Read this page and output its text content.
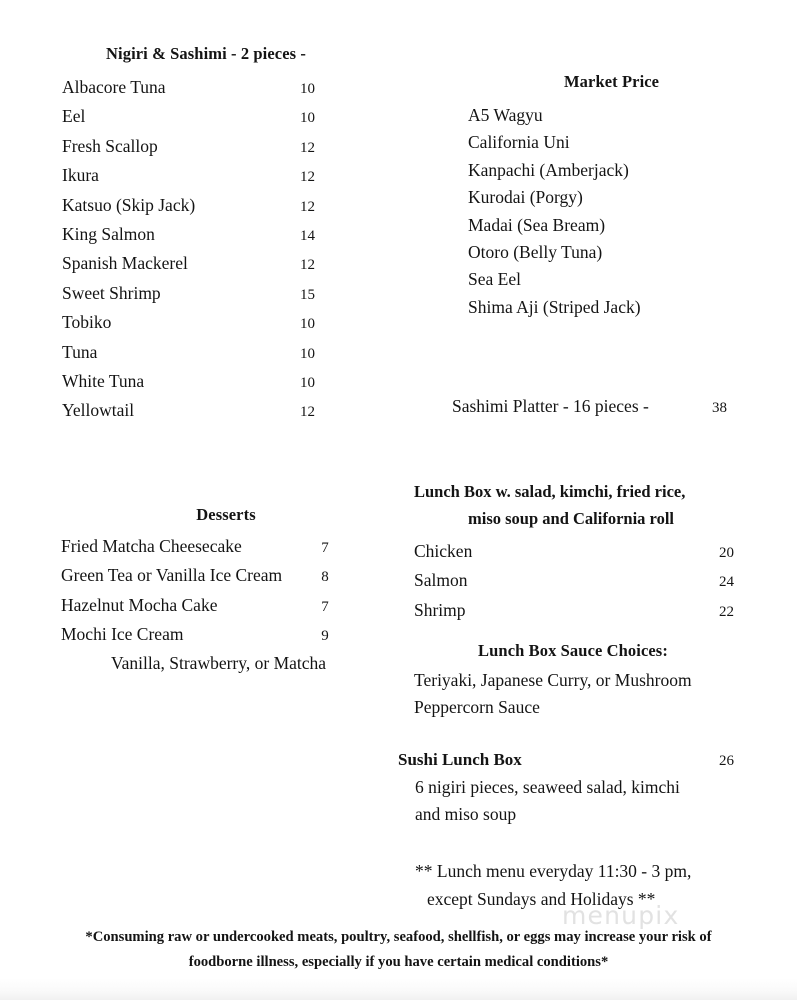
Nigiri & Sashimi - 2 pieces -
Albacore Tuna	10
Eel	10
Fresh Scallop	12
Ikura	12
Katsuo (Skip Jack)	12
King Salmon	14
Spanish Mackerel	12
Sweet Shrimp	15
Tobiko	10
Tuna	10
White Tuna	10
Yellowtail	12
Market Price
A5 Wagyu
California Uni
Kanpachi (Amberjack)
Kurodai (Porgy)
Madai (Sea Bream)
Otoro (Belly Tuna)
Sea Eel
Shima Aji (Striped Jack)
Sashimi Platter - 16 pieces -	38
Desserts
Fried Matcha Cheesecake	7
Green Tea or Vanilla Ice Cream	8
Hazelnut Mocha Cake	7
Mochi Ice Cream	9
Vanilla, Strawberry, or Matcha
Lunch Box w. salad, kimchi, fried rice,
miso soup and California roll
Chicken	20
Salmon	24
Shrimp	22
Lunch Box Sauce Choices:
Teriyaki, Japanese Curry, or Mushroom
Peppercorn Sauce
Sushi Lunch Box	26
6 nigiri pieces, seaweed salad, kimchi
and miso soup
** Lunch menu everyday 11:30 - 3 pm,
except Sundays and Holidays **
menupix
*Consuming raw or undercooked meats, poultry, seafood, shellfish, or eggs may increase your risk of
foodborne illness, especially if you have certain medical conditions*
